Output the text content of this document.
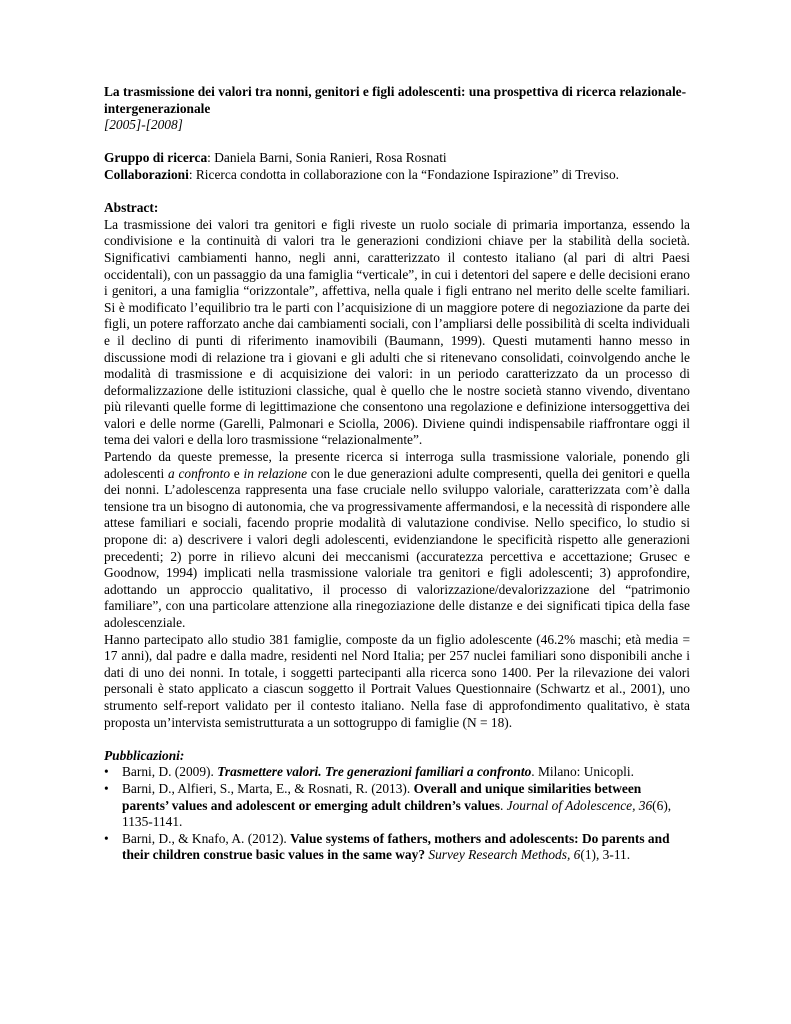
La trasmissione dei valori tra nonni, genitori e figli adolescenti: una prospettiva di ricerca relazionale-intergenerazionale
[2005]-[2008]
Gruppo di ricerca: Daniela Barni, Sonia Ranieri, Rosa Rosnati
Collaborazioni: Ricerca condotta in collaborazione con la “Fondazione Ispirazione” di Treviso.
Abstract:

La trasmissione dei valori tra genitori e figli riveste un ruolo sociale di primaria importanza, essendo la condivisione e la continuità di valori tra le generazioni condizioni chiave per la stabilità della società. Significativi cambiamenti hanno, negli anni, caratterizzato il contesto italiano (al pari di altri Paesi occidentali), con un passaggio da una famiglia “verticale”, in cui i detentori del sapere e delle decisioni erano i genitori, a una famiglia “orizzontale”, affettiva, nella quale i figli entrano nel merito delle scelte familiari. Si è modificato l’equilibrio tra le parti con l’acquisizione di un maggiore potere di negoziazione da parte dei figli, un potere rafforzato anche dai cambiamenti sociali, con l’ampliarsi delle possibilità di scelta individuali e il declino di punti di riferimento inamovibili (Baumann, 1999). Questi mutamenti hanno messo in discussione modi di relazione tra i giovani e gli adulti che si ritenevano consolidati, coinvolgendo anche le modalità di trasmissione e di acquisizione dei valori: in un periodo caratterizzato da un processo di deformalizzazione delle istituzioni classiche, qual è quello che le nostre società stanno vivendo, diventano più rilevanti quelle forme di legittimazione che consentono una regolazione e definizione intersoggettiva dei valori e delle norme (Garelli, Palmonari e Sciolla, 2006). Diviene quindi indispensabile riaffrontare oggi il tema dei valori e della loro trasmissione “relazionalmente”.

Partendo da queste premesse, la presente ricerca si interroga sulla trasmissione valoriale, ponendo gli adolescenti a confronto e in relazione con le due generazioni adulte compresenti, quella dei genitori e quella dei nonni. L’adolescenza rappresenta una fase cruciale nello sviluppo valoriale, caratterizzata com’è dalla tensione tra un bisogno di autonomia, che va progressivamente affermandosi, e la necessità di rispondere alle attese familiari e sociali, facendo proprie modalità di valutazione condivise. Nello specifico, lo studio si propone di: a) descrivere i valori degli adolescenti, evidenziandone le specificità rispetto alle generazioni precedenti; 2) porre in rilievo alcuni dei meccanismi (accuratezza percettiva e accettazione; Grusec e Goodnow, 1994) implicati nella trasmissione valoriale tra genitori e figli adolescenti; 3) approfondire, adottando un approccio qualitativo, il processo di valorizzazione/devalorizzazione del “patrimonio familiare”, con una particolare attenzione alla rinegoziazione delle distanze e dei significati tipica della fase adolescenziale.

Hanno partecipato allo studio 381 famiglie, composte da un figlio adolescente (46.2% maschi; età media = 17 anni), dal padre e dalla madre, residenti nel Nord Italia; per 257 nuclei familiari sono disponibili anche i dati di uno dei nonni. In totale, i soggetti partecipanti alla ricerca sono 1400. Per la rilevazione dei valori personali è stato applicato a ciascun soggetto il Portrait Values Questionnaire (Schwartz et al., 2001), uno strumento self-report validato per il contesto italiano. Nella fase di approfondimento qualitativo, è stata proposta un’intervista semistrutturata a un sottogruppo di famiglie (N = 18).

Pubblicazioni:
• Barni, D. (2009). Trasmettere valori. Tre generazioni familiari a confronto. Milano: Unicopli.
• Barni, D., Alfieri, S., Marta, E., & Rosnati, R. (2013). Overall and unique similarities between parents’ values and adolescent or emerging adult children’s values. Journal of Adolescence, 36(6), 1135-1141.
• Barni, D., & Knafo, A. (2012). Value systems of fathers, mothers and adolescents: Do parents and their children construe basic values in the same way? Survey Research Methods, 6(1), 3-11.
